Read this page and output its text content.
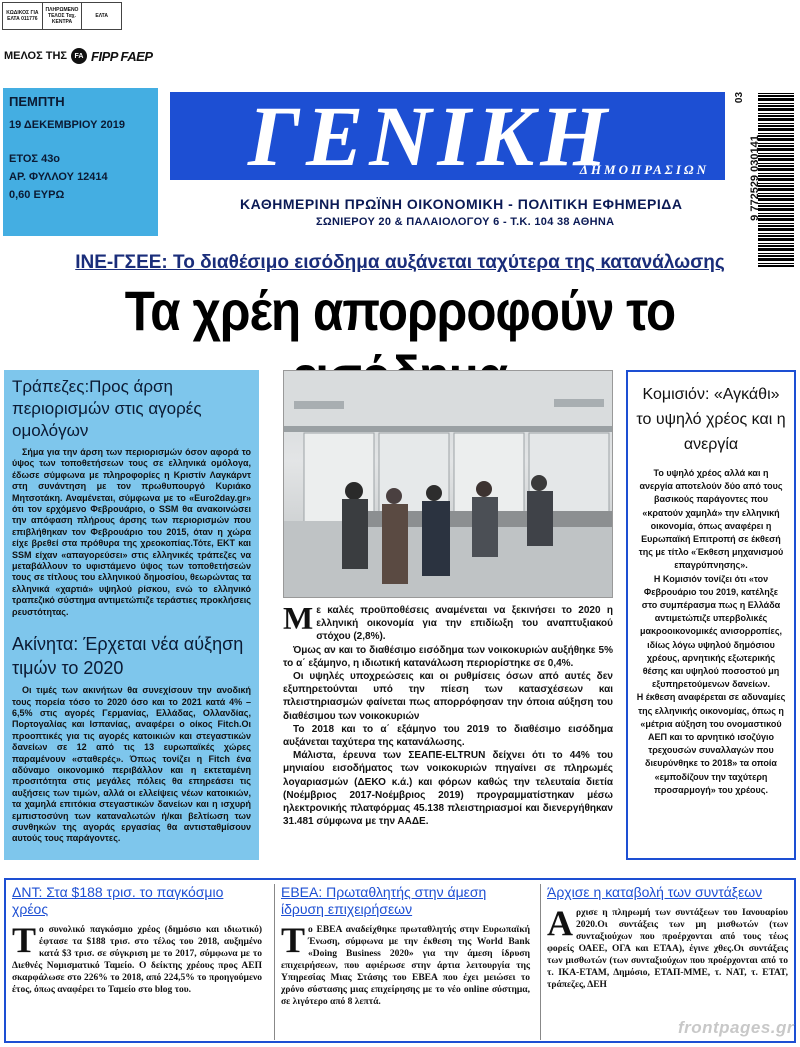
ΚΩΔΙΚΟΣ ΓΙΑ ΕΛΤΑ 011776
ΠΛΗΡΩΜΕΝΟ ΤΕΛΟΣ Ταχ. ΚΕΝΤΡΑ
ΕΛΤΑ
ΜΕΛΟΣ ΤΗΣ	FA FIPP FAEP
ΠΕΜΠΤΗ
19 ΔΕΚΕΜΒΡΙΟΥ 2019
ΕΤΟΣ 43ο
ΑΡ. ΦΥΛΛΟΥ 12414
0,60 ΕΥΡΩ
ΓΕΝΙΚΗ
ΔΗΜΟΠΡΑΣΙΩΝ
ΚΑΘΗΜΕΡΙΝΗ ΠΡΩΪΝΗ ΟΙΚΟΝΟΜΙΚΗ - ΠΟΛΙΤΙΚΗ ΕΦΗΜΕΡΙΔΑ
ΣΩΝΙΕΡΟΥ 20 & ΠΑΛΑΙΟΛΟΓΟΥ 6 - Τ.Κ. 104 38 ΑΘΗΝΑ
9 772529 030141
03
ΙΝΕ-ΓΣΕΕ: Το διαθέσιμο εισόδημα αυξάνεται ταχύτερα της κατανάλωσης
Τα χρέη απορροφούν το
Τράπεζες:Προς άρση περιορισμών στις αγορές ομολόγων

Σήμα για την άρση των περιορισμών όσον αφορά το ύψος των τοποθετήσεων τους σε ελληνικά ομόλογα, έδωσε σύμφωνα με πληροφορίες η Κριστίν Λαγκάρντ στη συνάντηση με τον πρωθυπουργό Κυριάκο Μητσοτάκη. Αναμένεται, σύμφωνα με το «Euro2day.gr» ότι τον ερχόμενο Φεβρουάριο, ο SSM θα ανακοινώσει την απόφαση πλήρους άρσης των περιορισμών που επιβλήθηκαν τον Φεβρουάριο του 2015, όταν η χώρα είχε βρεθεί στα πρόθυρα της χρεοκοπίας.Τότε, ΕΚΤ και SSM είχαν «απαγορεύσει» στις ελληνικές τράπεζες να μεταβάλλουν το υφιστάμενο ύψος των τοποθετήσεών τους σε τίτλους του ελληνικού δημοσίου, θεωρώντας τα ελληνικά «χαρτιά» υψηλού ρίσκου, ενώ το ελληνικό τραπεζικό σύστημα αντιμετώπιζε τεράστιες προκλήσεις ρευστότητας.

Ακίνητα: Έρχεται νέα αύξηση τιμών το 2020

Οι τιμές των ακινήτων θα συνεχίσουν την ανοδική τους πορεία τόσο το 2020 όσο και το 2021 κατά 4% – 6,5% στις αγορές Γερμανίας, Ελλάδας, Ολλανδίας, Πορτογαλίας και Ισπανίας, αναφέρει ο οίκος Fitch.Οι προοπτικές για τις αγορές κατοικιών και στεγαστικών δανείων σε 12 από τις 13 ευρωπαϊκές χώρες παραμένουν «σταθερές». Όπως τονίζει η Fitch ένα αδύναμο οικονομικό περιβάλλον και η εκτεταμένη προσιτότητα στις μεγάλες πόλεις θα επηρεάσει τις αυξήσεις των τιμών, αλλά οι ελλείψεις νέων κατοικιών, τα χαμηλά επιτόκια στεγαστικών δανείων και η ισχυρή εμπιστοσύνη των καταναλωτών ή/και βελτίωση των συνθηκών της αγοράς εργασίας θα αντισταθμίσουν αυτούς τους παράγοντες.

Με καλές προϋποθέσεις αναμένεται να ξεκινήσει το 2020 η ελληνική οικονομία για την επιδίωξη του αναπτυξιακού στόχου (2,8%).

Όμως αν και το διαθέσιμο εισόδημα των νοικοκυριών αυξήθηκε 5% το α΄ εξάμηνο, η ιδιωτική κατανάλωση περιορίστηκε σε 0,4%.

Οι υψηλές υποχρεώσεις και οι ρυθμίσεις όσων από αυτές δεν εξυπηρετούνται υπό την πίεση των κατασχέσεων και πλειστηριασμών φαίνεται πως απορρόφησαν την όποια αύξηση του διαθέσιμου των νοικοκυριών

Το 2018 και το α΄ εξάμηνο του 2019 το διαθέσιμο εισόδημα αυξάνεται ταχύτερα της κατανάλωσης.

Μάλιστα, έρευνα των ΣΕΑΠΕ-ELTRUN δείχνει ότι το 44% του μηνιαίου εισοδήματος των νοικοκυριών πηγαίνει σε πληρωμές λογαριασμών (ΔΕΚΟ κ.ά.) και φόρων καθώς την τελευταία διετία (Νοέμβριος 2017-Νοέμβριος 2019) προγραμματίστηκαν μέσω ηλεκτρονικής πλατφόρμας 45.138 πλειστηριασμοί και διενεργήθηκαν 31.481 σύμφωνα με την ΑΑΔΕ.

Κομισιόν: «Αγκάθι» το υψηλό χρέος και η ανεργία

Το υψηλό χρέος αλλά και η ανεργία αποτελούν δύο από τους βασικούς παράγοντες που «κρατούν χαμηλά» την ελληνική οικονομία, όπως αναφέρει η Ευρωπαϊκή Επιτροπή σε έκθεσή της με τίτλο «Έκθεση μηχανισμού επαγρύπνησης».

Η Κομισιόν τονίζει ότι «τον Φεβρουάριο του 2019, κατέληξε στο συμπέρασμα πως η Ελλάδα αντιμετώπιζε υπερβολικές μακροοικονομικές ανισορροπίες, ιδίως λόγω υψηλού δημόσιου χρέους, αρνητικής εξωτερικής θέσης και υψηλού ποσοστού μη εξυπηρετούμενων δανείων.

Η έκθεση αναφέρεται σε αδυναμίες της ελληνικής οικονομίας, όπως η «μέτρια αύξηση του ονομαστικού ΑΕΠ και το αρνητικό ισοζύγιο τρεχουσών συναλλαγών που διευρύνθηκε το 2018» τα οποία «εμποδίζουν την ταχύτερη προσαρμογή» του χρέους.

ΔΝΤ: Στα $188 τρισ. το παγκόσμιο χρέος

Το συνολικό παγκόσμιο χρέος (δημόσιο και ιδιωτικό) έφτασε τα $188 τρισ. στο τέλος του 2018, αυξημένο κατά $3 τρισ. σε σύγκριση με το 2017, σύμφωνα με το Διεθνές Νομισματικό Ταμείο. Ο δείκτης χρέους προς ΑΕΠ σκαρφάλωσε στο 226% το 2018, από 224,5% το προηγούμενο έτος, όπως αναφέρει το Ταμείο στο blog του.

ΕΒΕΑ: Πρωταθλητής στην άμεση ίδρυση επιχειρήσεων

Το ΕΒΕΑ αναδείχθηκε πρωταθλητής στην Ευρωπαϊκή Ένωση, σύμφωνα με την έκθεση της World Bank «Doing Business 2020» για την άμεση ίδρυση επιχειρήσεων, που αφιέρωσε στην άρτια λειτουργία της Υπηρεσίας Μιας Στάσης του ΕΒΕΑ που έχει μειώσει το χρόνο σύστασης μιας επιχείρησης με το νέο online σύστημα, σε λιγότερο από 8 λεπτά.

Άρχισε η καταβολή των συντάξεων

Αρχισε η πληρωμή των συντάξεων του Ιανουαρίου 2020.Οι συντάξεις των μη μισθωτών (των συνταξιούχων που προέρχονται από τους τέως φορείς ΟΑΕΕ, ΟΓΑ και ΕΤΑΑ), έγινε χθες.Οι συντάξεις των μισθωτών (των συνταξιούχων που προέρχονται από το τ. ΙΚΑ-ΕΤΑΜ, Δημόσιο, ΕΤΑΠ-ΜΜΕ, τ. ΝΑΤ, τ. ΕΤΑΤ, τράπεζες, ΔΕΗ

frontpages.gr
